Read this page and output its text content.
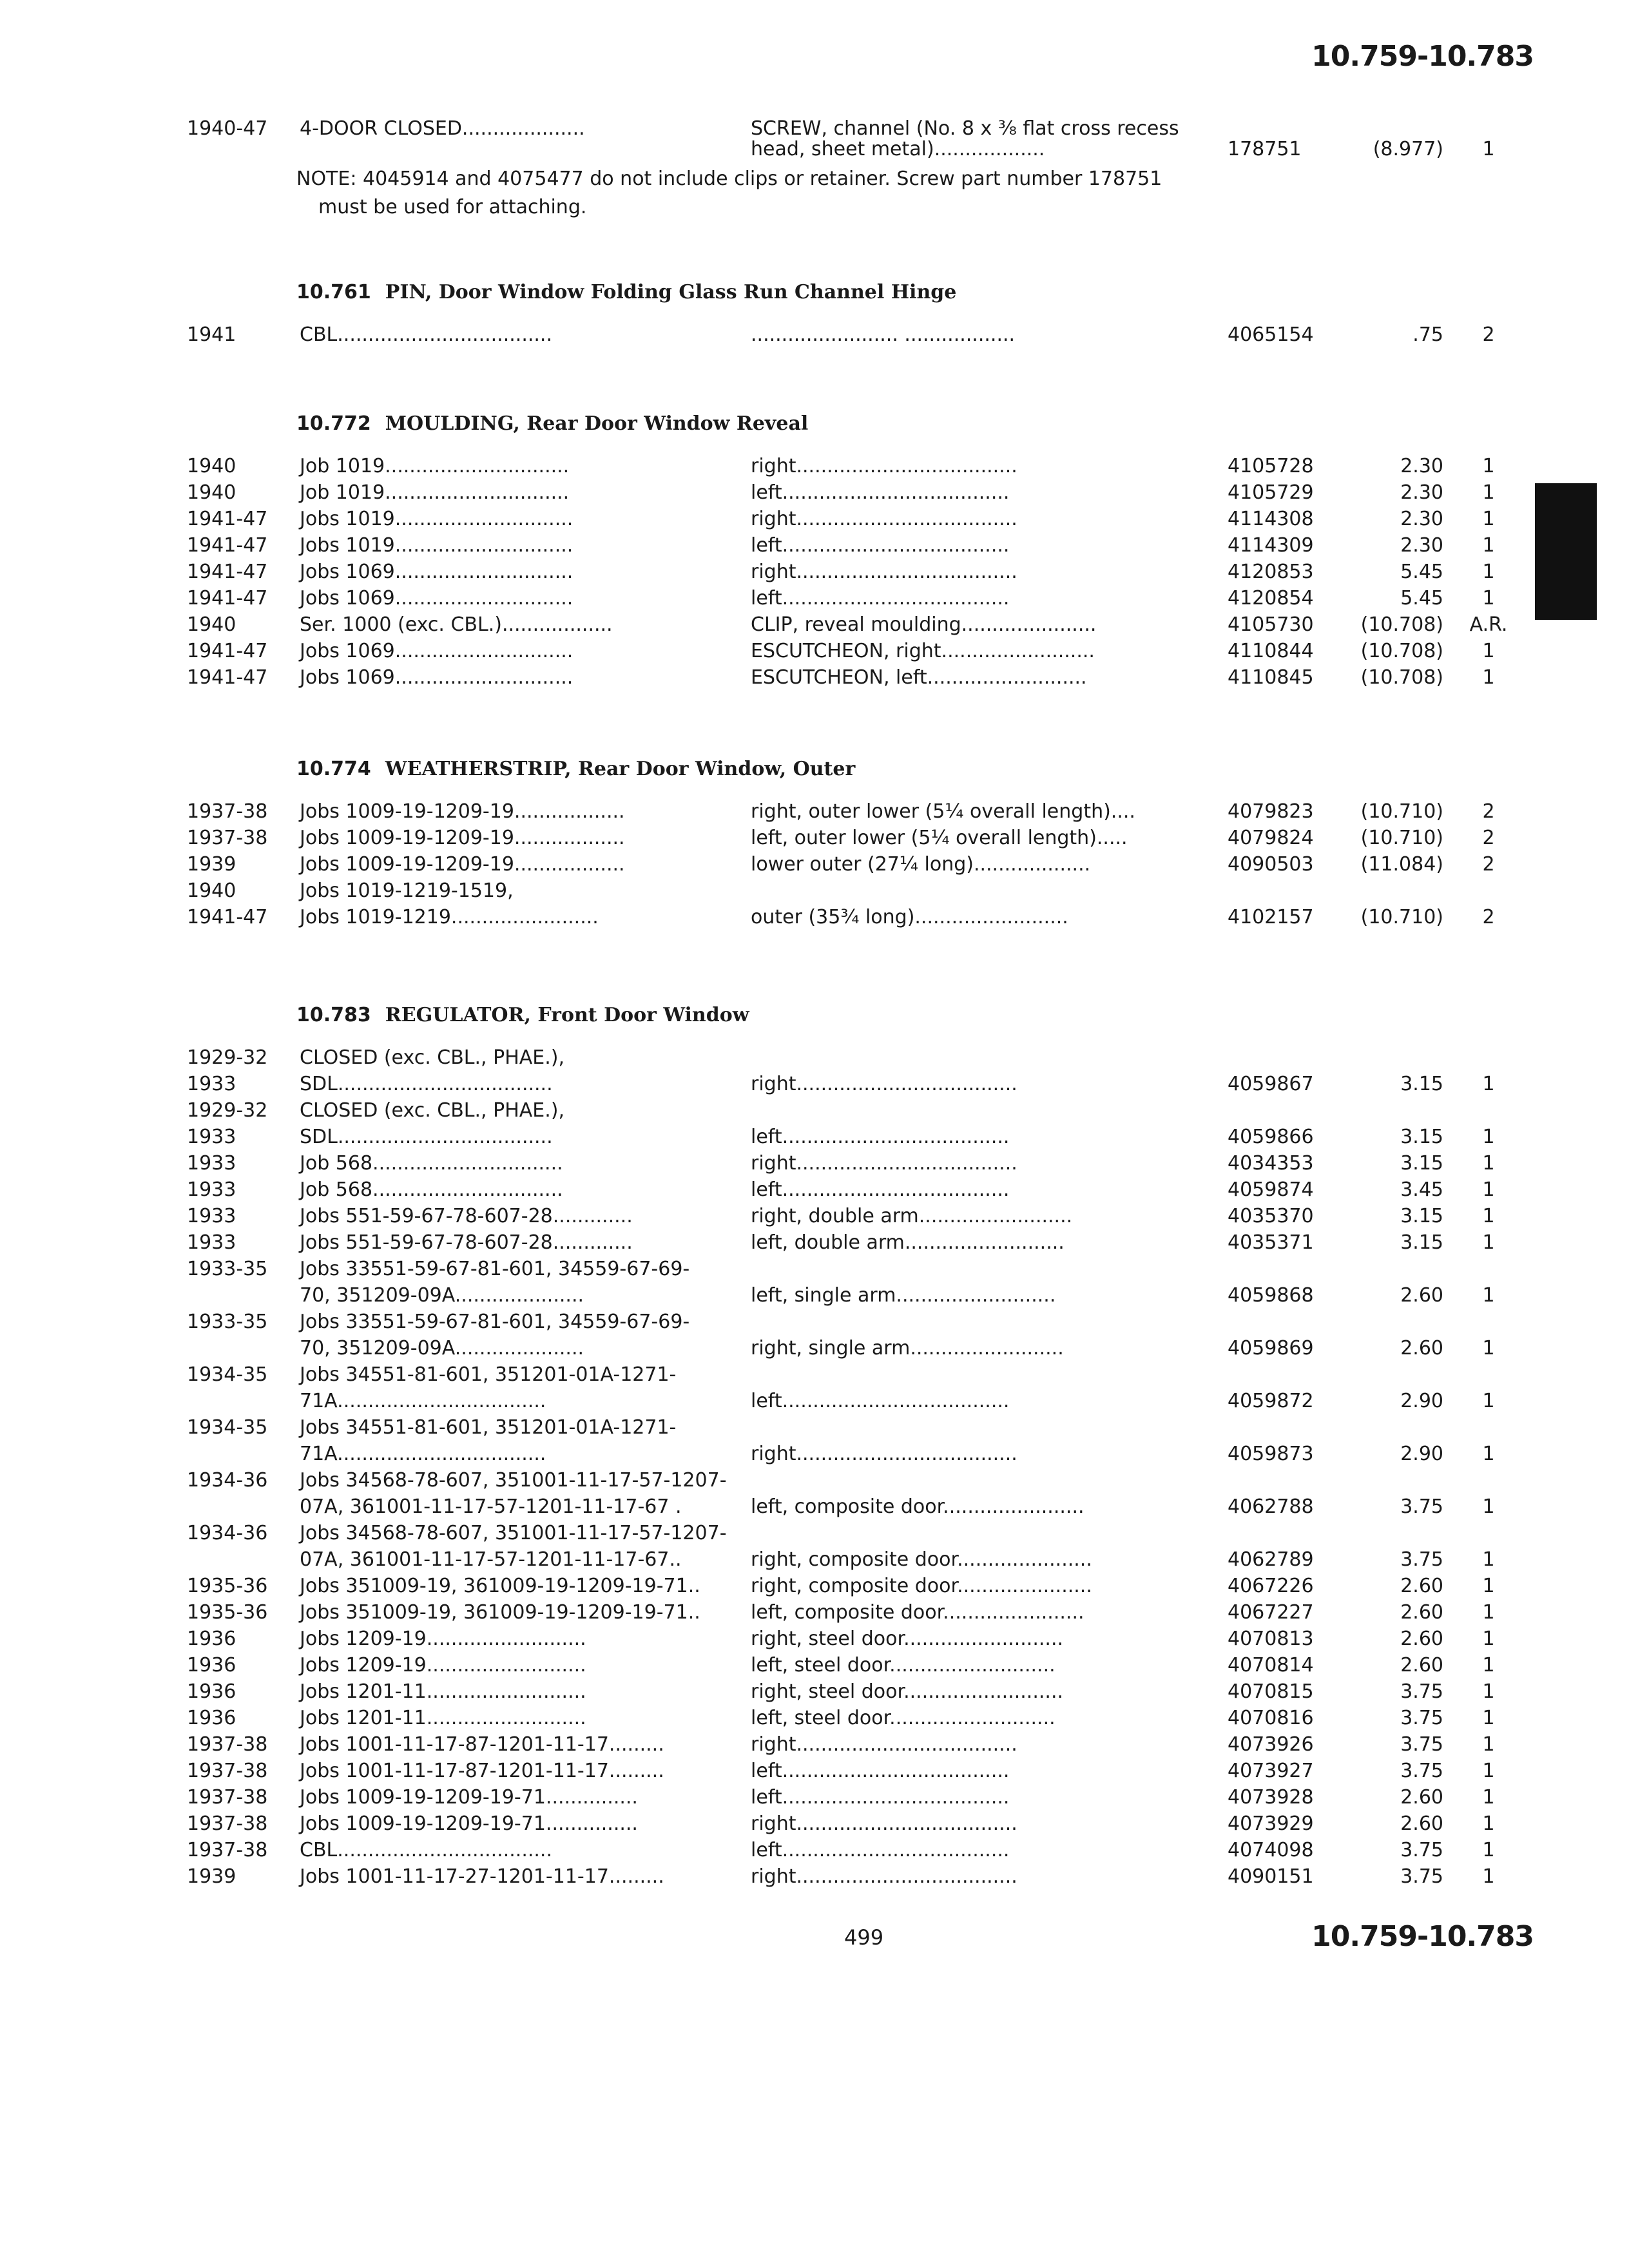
10.759-10.783
1940-47	4-DOOR CLOSED....................	SCREW, channel (No. 8 x ⅜ flat cross recess
head, sheet metal)..................	178751	(8.977)	1
NOTE: 4045914 and 4075477 do not include clips or retainer. Screw part number 178751
must be used for attaching.
10.761 PIN, Door Window Folding Glass Run Channel Hinge
1941	CBL...................................	........................ ..................	4065154	.75	2
10.772 MOULDING, Rear Door Window Reveal
1940	Job 1019..............................	right....................................	4105728	2.30	1
1940	Job 1019..............................	left.....................................	4105729	2.30	1
1941-47	Jobs 1019.............................	right....................................	4114308	2.30	1
1941-47	Jobs 1019.............................	left.....................................	4114309	2.30	1
1941-47	Jobs 1069.............................	right....................................	4120853	5.45	1
1941-47	Jobs 1069.............................	left.....................................	4120854	5.45	1
1940	Ser. 1000 (exc. CBL.)..................	CLIP, reveal moulding......................	4105730	(10.708)	A.R.
1941-47	Jobs 1069.............................	ESCUTCHEON, right.........................	4110844	(10.708)	1
1941-47	Jobs 1069.............................	ESCUTCHEON, left..........................	4110845	(10.708)	1
10.774 WEATHERSTRIP, Rear Door Window, Outer
1937-38	Jobs 1009-19-1209-19..................	right, outer lower (5¼ overall length)....	4079823	(10.710)	2
1937-38	Jobs 1009-19-1209-19..................	left, outer lower (5¼ overall length).....	4079824	(10.710)	2
1939	Jobs 1009-19-1209-19..................	lower outer (27¼ long)...................	4090503	(11.084)	2
1940	Jobs 1019-1219-1519,
1941-47	Jobs 1019-1219........................	outer (35¾ long).........................	4102157	(10.710)	2
10.783 REGULATOR, Front Door Window
1929-32	CLOSED (exc. CBL., PHAE.),
1933	SDL...................................	right....................................	4059867	3.15	1
1929-32	CLOSED (exc. CBL., PHAE.),
1933	SDL...................................	left.....................................	4059866	3.15	1
1933	Job 568...............................	right....................................	4034353	3.15	1
1933	Job 568...............................	left.....................................	4059874	3.45	1
1933	Jobs 551-59-67-78-607-28.............	right, double arm.........................	4035370	3.15	1
1933	Jobs 551-59-67-78-607-28.............	left, double arm..........................	4035371	3.15	1
1933-35	Jobs 33551-59-67-81-601, 34559-67-69-
70, 351209-09A.....................	left, single arm..........................	4059868	2.60	1
1933-35	Jobs 33551-59-67-81-601, 34559-67-69-
70, 351209-09A.....................	right, single arm.........................	4059869	2.60	1
1934-35	Jobs 34551-81-601, 351201-01A-1271-
71A..................................	left.....................................	4059872	2.90	1
1934-35	Jobs 34551-81-601, 351201-01A-1271-
71A..................................	right....................................	4059873	2.90	1
1934-36	Jobs 34568-78-607, 351001-11-17-57-1207-
07A, 361001-11-17-57-1201-11-17-67 .	left, composite door.......................	4062788	3.75	1
1934-36	Jobs 34568-78-607, 351001-11-17-57-1207-
07A, 361001-11-17-57-1201-11-17-67..	right, composite door......................	4062789	3.75	1
1935-36	Jobs 351009-19, 361009-19-1209-19-71..	right, composite door......................	4067226	2.60	1
1935-36	Jobs 351009-19, 361009-19-1209-19-71..	left, composite door.......................	4067227	2.60	1
1936	Jobs 1209-19..........................	right, steel door..........................	4070813	2.60	1
1936	Jobs 1209-19..........................	left, steel door...........................	4070814	2.60	1
1936	Jobs 1201-11..........................	right, steel door..........................	4070815	3.75	1
1936	Jobs 1201-11..........................	left, steel door...........................	4070816	3.75	1
1937-38	Jobs 1001-11-17-87-1201-11-17.........	right....................................	4073926	3.75	1
1937-38	Jobs 1001-11-17-87-1201-11-17.........	left.....................................	4073927	3.75	1
1937-38	Jobs 1009-19-1209-19-71...............	left.....................................	4073928	2.60	1
1937-38	Jobs 1009-19-1209-19-71...............	right....................................	4073929	2.60	1
1937-38	CBL...................................	left.....................................	4074098	3.75	1
1939	Jobs 1001-11-17-27-1201-11-17.........	right....................................	4090151	3.75	1
499	10.759-10.783
